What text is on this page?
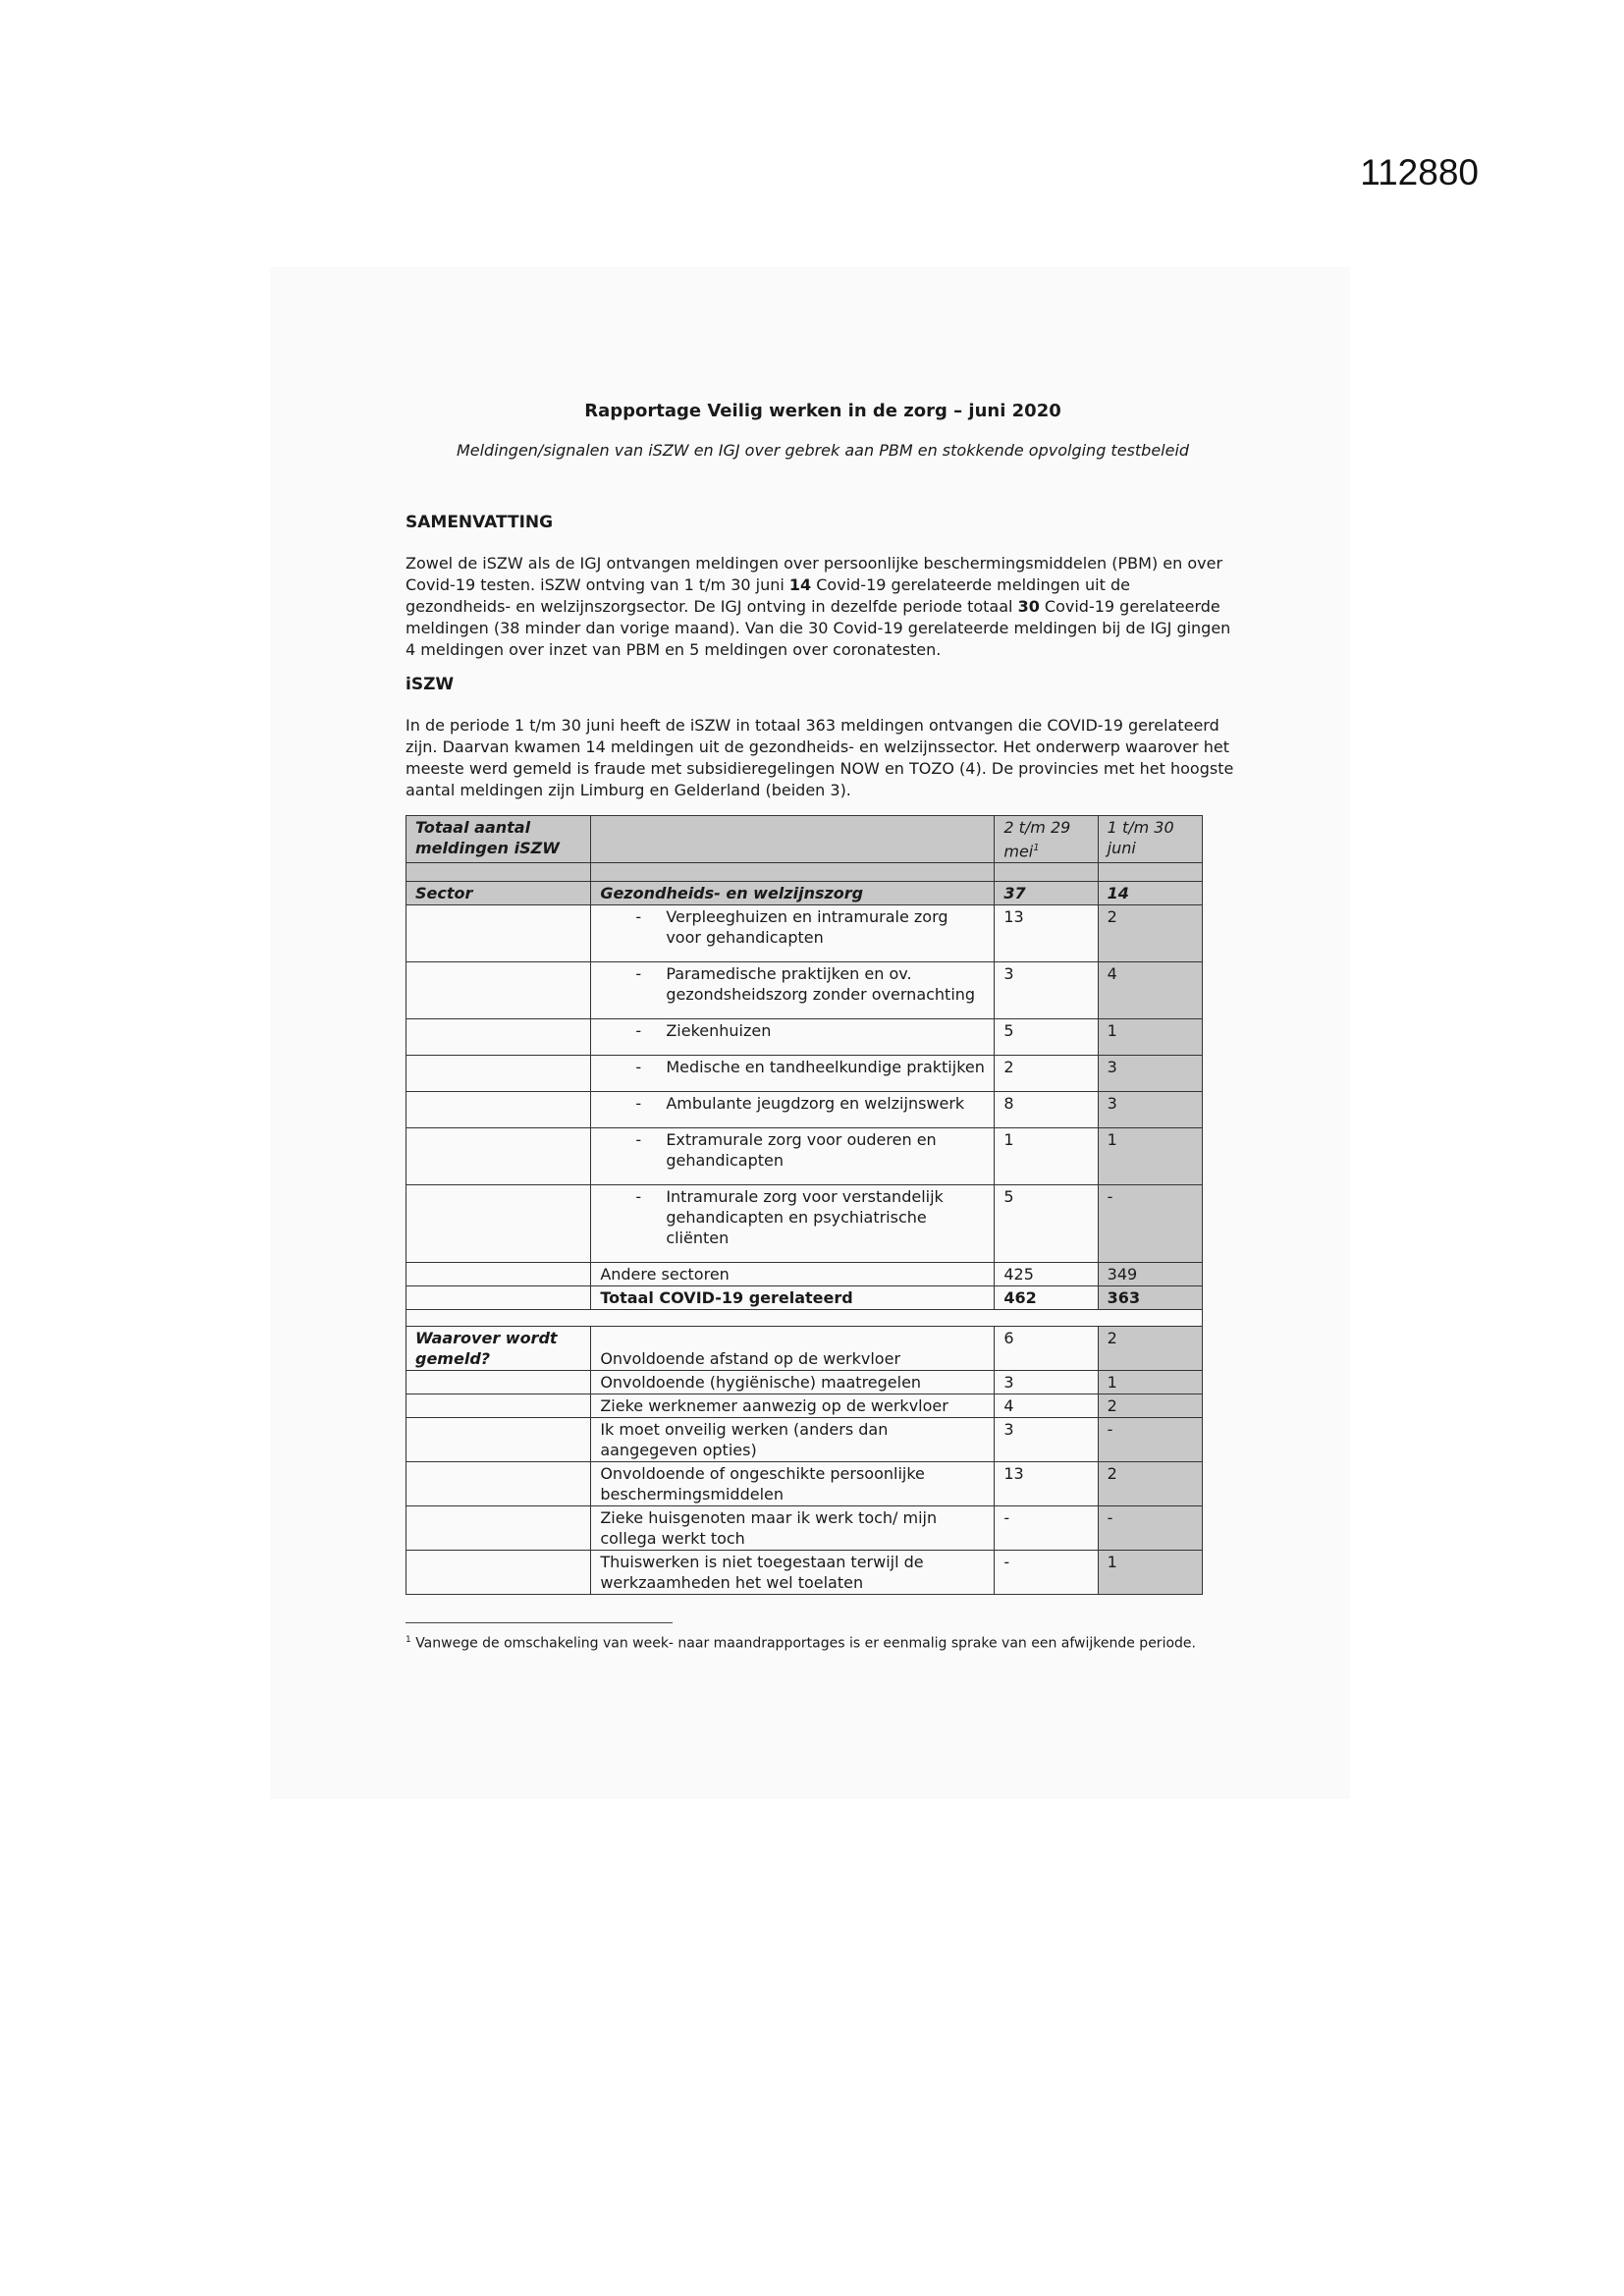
112880

Rapportage Veilig werken in de zorg – juni 2020

Meldingen/signalen van iSZW en IGJ over gebrek aan PBM en stokkende opvolging testbeleid

SAMENVATTING

Zowel de iSZW als de IGJ ontvangen meldingen over persoonlijke beschermingsmiddelen (PBM) en over Covid-19 testen. iSZW ontving van 1 t/m 30 juni 14 Covid-19 gerelateerde meldingen uit de gezondheids- en welzijnszorgsector. De IGJ ontving in dezelfde periode totaal 30 Covid-19 gerelateerde meldingen (38 minder dan vorige maand). Van die 30 Covid-19 gerelateerde meldingen bij de IGJ gingen 4 meldingen over inzet van PBM en 5 meldingen over coronatesten.

iSZW

In de periode 1 t/m 30 juni heeft de iSZW in totaal 363 meldingen ontvangen die COVID-19 gerelateerd zijn. Daarvan kwamen 14 meldingen uit de gezondheids- en welzijnssector. Het onderwerp waarover het meeste werd gemeld is fraude met subsidieregelingen NOW en TOZO (4). De provincies met het hoogste aantal meldingen zijn Limburg en Gelderland (beiden 3).

Totaal aantal meldingen iSZW		2 t/m 29 mei$^1$	1 t/m 30 juni

Sector	Gezondheids- en welzijnszorg	37	14

	- Verpleeghuizen en intramurale zorg voor gehandicapten	13	2

	- Paramedische praktijken en ov. gezondsheidszorg zonder overnachting	3	4

	- Ziekenhuizen	5	1

	- Medische en tandheelkundige praktijken	2	3

	- Ambulante jeugdzorg en welzijnswerk	8	3

	- Extramurale zorg voor ouderen en gehandicapten	1	1

	- Intramurale zorg voor verstandelijk gehandicapten en psychiatrische cliënten	5	-
	Andere sectoren	425	349
	Totaal COVID-19 gerelateerd	462	363

Waarover wordt gemeld?	Onvoldoende afstand op de werkvloer	6	2
	Onvoldoende (hygiënische) maatregelen	3	1
	Zieke werknemer aanwezig op de werkvloer	4	2
	Ik moet onveilig werken (anders dan aangegeven opties)	3	-
	Onvoldoende of ongeschikte persoonlijke beschermingsmiddelen	13	2
	Zieke huisgenoten maar ik werk toch/ mijn collega werkt toch	-	-
	Thuiswerken is niet toegestaan terwijl de werkzaamheden het wel toelaten	-	1
$^1$ Vanwege de omschakeling van week- naar maandrapportages is er eenmalig sprake van een afwijkende periode.
